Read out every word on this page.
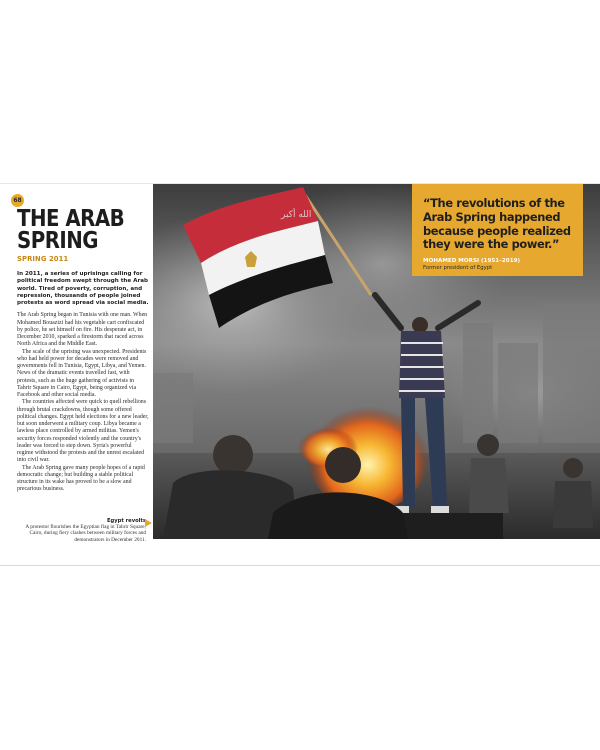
68
THE ARAB
SPRING
SPRING 2011
In 2011, a series of uprisings calling for political freedom swept through the Arab world. Tired of poverty, corruption, and repression, thousands of people joined protests as word spread via social media.

The Arab Spring began in Tunisia with one man. When Mohamed Bouazizi had his vegetable cart confiscated by police, he set himself on fire. His desperate act, in December 2010, sparked a firestorm that raced across North Africa and the Middle East.

The scale of the uprising was unexpected. Presidents who had held power for decades were removed and governments fell in Tunisia, Egypt, Libya, and Yemen. News of the dramatic events travelled fast, with protests, such as the huge gathering of activists in Tahrir Square in Cairo, Egypt, being organized via Facebook and other social media.

The countries affected were quick to quell rebellions through brutal crackdowns, though some offered political changes. Egypt held elections for a new leader, but soon underwent a military coup. Libya became a lawless place controlled by armed militias. Yemen's security forces responded violently and the country's leader was forced to step down. Syria's powerful regime withstood the protests and the unrest escalated into civil war.

The Arab Spring gave many people hopes of a rapid democratic change; but building a stable political structure in its wake has proved to be a slow and precarious business.

Egypt revolts
A protestor flourishes the Egyptian flag in Tahrir Square, Cairo, during fiery clashes between military forces and demonstrators in December 2011.
الله أكبر
“The revolutions of the Arab Spring happened because people realized they were the power.”
MOHAMED MORSI (1951–2019)
Former president of Egypt
